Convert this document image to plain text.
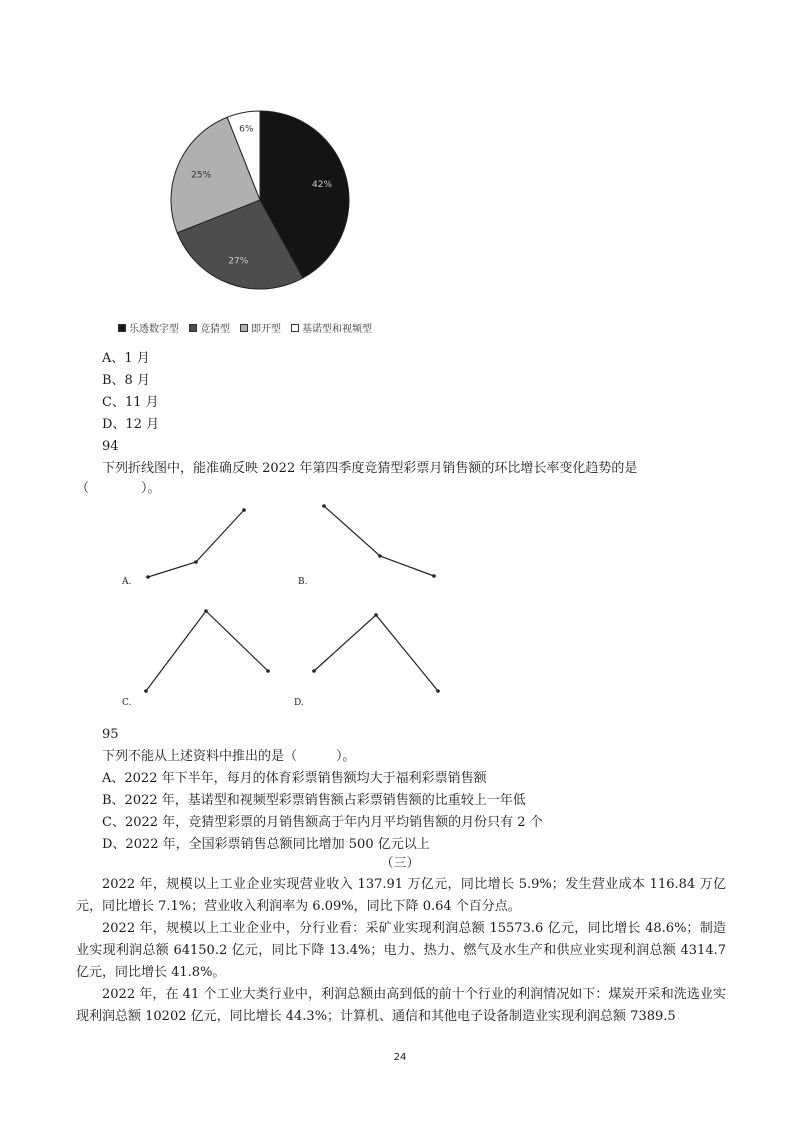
42%
27%
25%
6%
乐透数字型 竞猜型 即开型 基诺型和视频型
A、1 月
B、8 月
C、11 月
D、12 月
94
下列折线图中，能准确反映 2022 年第四季度竞猜型彩票月销售额的环比增长率变化趋势的是
（　　　　）。
A.	B.
C.	D.
95
下列不能从上述资料中推出的是（　　　）。
A、2022 年下半年，每月的体育彩票销售额均大于福利彩票销售额
B、2022 年，基诺型和视频型彩票销售额占彩票销售额的比重较上一年低
C、2022 年，竞猜型彩票的月销售额高于年内月平均销售额的月份只有 2 个
D、2022 年，全国彩票销售总额同比增加 500 亿元以上
（三）
2022 年，规模以上工业企业实现营业收入 137.91 万亿元，同比增长 5.9%；发生营业成本 116.84 万亿元，同比增长 7.1%；营业收入利润率为 6.09%，同比下降 0.64 个百分点。
2022 年，规模以上工业企业中，分行业看：采矿业实现利润总额 15573.6 亿元，同比增长 48.6%；制造业实现利润总额 64150.2 亿元，同比下降 13.4%；电力、热力、燃气及水生产和供应业实现利润总额 4314.7 亿元，同比增长 41.8%。
2022 年，在 41 个工业大类行业中，利润总额由高到低的前十个行业的利润情况如下：煤炭开采和洗选业实现利润总额 10202 亿元，同比增长 44.3%；计算机、通信和其他电子设备制造业实现利润总额 7389.5
24
